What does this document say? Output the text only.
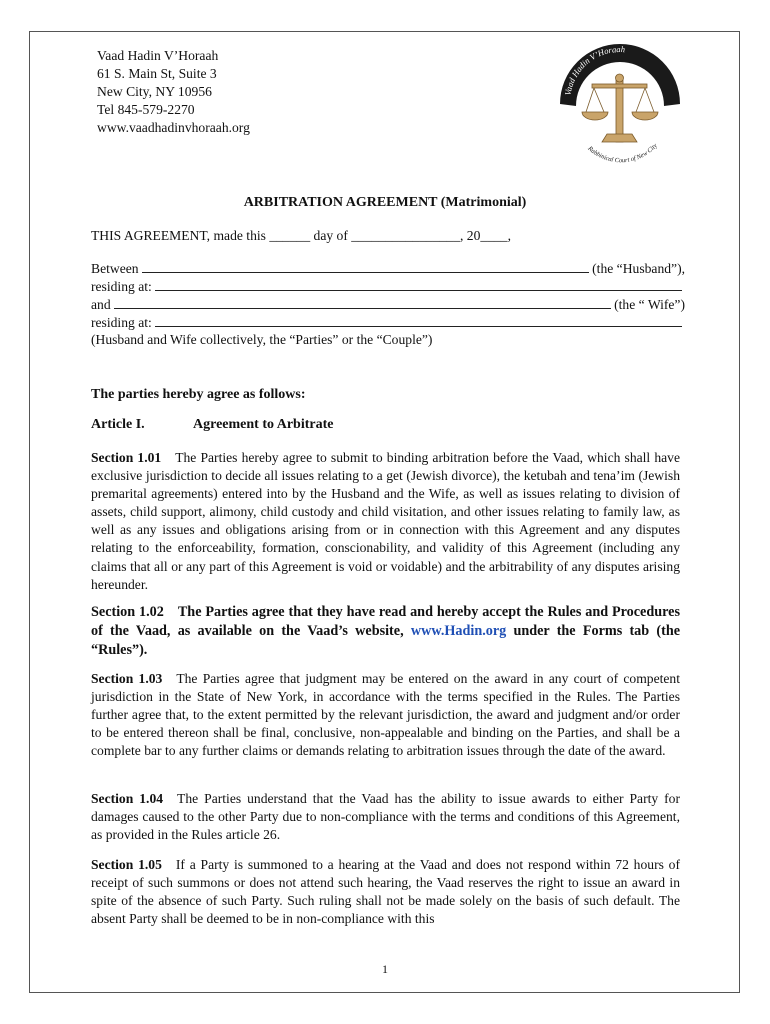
Vaad Hadin V’Horaah
61 S. Main St, Suite 3
New City, NY 10956
Tel 845-579-2270
www.vaadhadinvhoraah.org
Vaad Hadin V’Horaah
Rabbinical Court of New City
ARBITRATION AGREEMENT (Matrimonial)
THIS AGREEMENT, made this ______ day of ________________, 20____,
Between	(the “Husband”),
residing at:
and	(the “ Wife”)
residing at:
(Husband and Wife collectively, the “Parties” or the “Couple”)
The parties hereby agree as follows:
Article I.	Agreement to Arbitrate
Section 1.01 The Parties hereby agree to submit to binding arbitration before the Vaad, which shall have exclusive jurisdiction to decide all issues relating to a get (Jewish divorce), the ketubah and tena’im (Jewish premarital agreements) entered into by the Husband and the Wife, as well as issues relating to division of assets, child support, alimony, child custody and child visitation, and other issues relating to family law, as well as any issues and obligations arising from or in connection with this Agreement and any disputes relating to the enforceability, formation, conscionability, and validity of this Agreement (including any claims that all or any part of this Agreement is void or voidable) and the arbitrability of any disputes arising hereunder.
Section 1.02 The Parties agree that they have read and hereby accept the Rules and Procedures of the Vaad, as available on the Vaad’s website, www.Hadin.org under the Forms tab (the “Rules”).
Section 1.03 The Parties agree that judgment may be entered on the award in any court of competent jurisdiction in the State of New York, in accordance with the terms specified in the Rules. The Parties further agree that, to the extent permitted by the relevant jurisdiction, the award and judgment and/or order to be entered thereon shall be final, conclusive, non-appealable and binding on the Parties, and shall be a complete bar to any further claims or demands relating to arbitration issues through the date of the award.
Section 1.04 The Parties understand that the Vaad has the ability to issue awards to either Party for damages caused to the other Party due to non-compliance with the terms and conditions of this Agreement, as provided in the Rules article 26.
Section 1.05 If a Party is summoned to a hearing at the Vaad and does not respond within 72 hours of receipt of such summons or does not attend such hearing, the Vaad reserves the right to issue an award in spite of the absence of such Party. Such ruling shall not be made solely on the basis of such default. The absent Party shall be deemed to be in non-compliance with this
1
